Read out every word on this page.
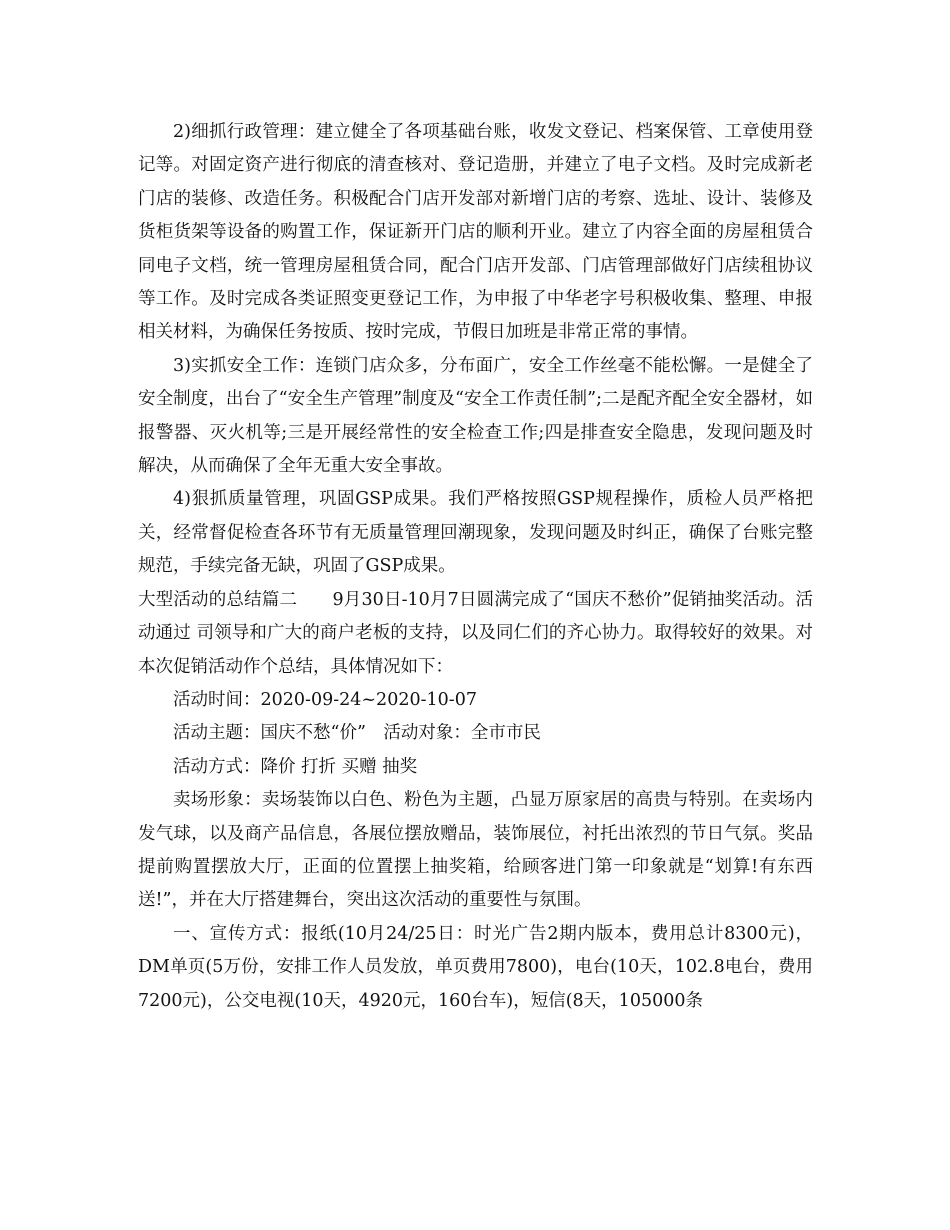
2)细抓行政管理：建立健全了各项基础台账，收发文登记、档案保管、工章使用登记等。对固定资产进行彻底的清查核对、登记造册，并建立了电子文档。及时完成新老门店的装修、改造任务。积极配合门店开发部对新增门店的考察、选址、设计、装修及货柜货架等设备的购置工作，保证新开门店的顺利开业。建立了内容全面的房屋租赁合同电子文档，统一管理房屋租赁合同，配合门店开发部、门店管理部做好门店续租协议等工作。及时完成各类证照变更登记工作，为申报了中华老字号积极收集、整理、申报相关材料，为确保任务按质、按时完成，节假日加班是非常正常的事情。

3)实抓安全工作：连锁门店众多，分布面广，安全工作丝毫不能松懈。一是健全了安全制度，出台了“安全生产管理”制度及“安全工作责任制”;二是配齐配全安全器材，如报警器、灭火机等;三是开展经常性的安全检查工作;四是排查安全隐患，发现问题及时解决，从而确保了全年无重大安全事故。

4)狠抓质量管理，巩固GSP成果。我们严格按照GSP规程操作，质检人员严格把关，经常督促检查各环节有无质量管理回潮现象，发现问题及时纠正，确保了台账完整规范，手续完备无缺，巩固了GSP成果。

大型活动的总结篇二　　9月30日-10月7日圆满完成了“国庆不愁价”促销抽奖活动。活动通过 司领导和广大的商户老板的支持，以及同仁们的齐心协力。取得较好的效果。对本次促销活动作个总结，具体情况如下：

活动时间：2020-09-24~2020-10-07

活动主题：国庆不愁“价”　活动对象：全市市民

活动方式：降价 打折 买赠 抽奖

卖场形象：卖场装饰以白色、粉色为主题，凸显万原家居的高贵与特别。在卖场内发气球，以及商产品信息，各展位摆放赠品，装饰展位，衬托出浓烈的节日气氛。奖品提前购置摆放大厅，正面的位置摆上抽奖箱，给顾客进门第一印象就是“划算!有东西送!”，并在大厅搭建舞台，突出这次活动的重要性与氛围。

一、宣传方式：报纸(10月24/25日：时光广告2期内版本，费用总计8300元)，DM单页(5万份，安排工作人员发放，单页费用7800)，电台(10天，102.8电台，费用7200元)，公交电视(10天，4920元，160台车)，短信(8天，105000条
